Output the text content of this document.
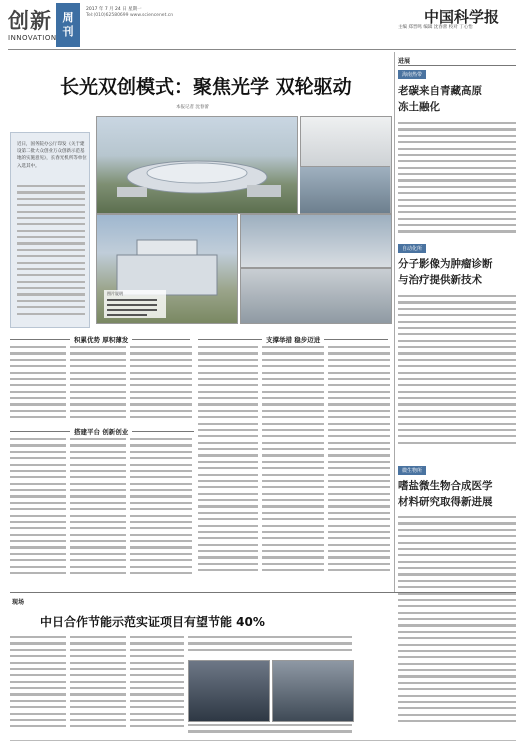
创新 周
刊
INNOVATION
2017 年 7 月 24 日 星期一
Tel:(010)62580699 www.sciencenet.cn	中国科学报
主编 郑晋鸣 编辑 沈春蕾 校对 丁心怡
长光双创模式：聚焦光学 双轮驱动
本报记者 沈春蕾
近日，国务院办公厅印发《关于建设第二批大众创业万众创新示范基地的实施意见》，长春光机所等单位入选其中。
图片说明
积累优势 厚积薄发	支撑举措 稳步迈进
搭建平台 创新创业
进展
海南热带
老碳来自青藏高原
冻土融化
自动化所
分子影像为肿瘤诊断
与治疗提供新技术
微生物所
嗜盐微生物合成医学
材料研究取得新进展
现场
中日合作节能示范实证项目有望节能 40%
